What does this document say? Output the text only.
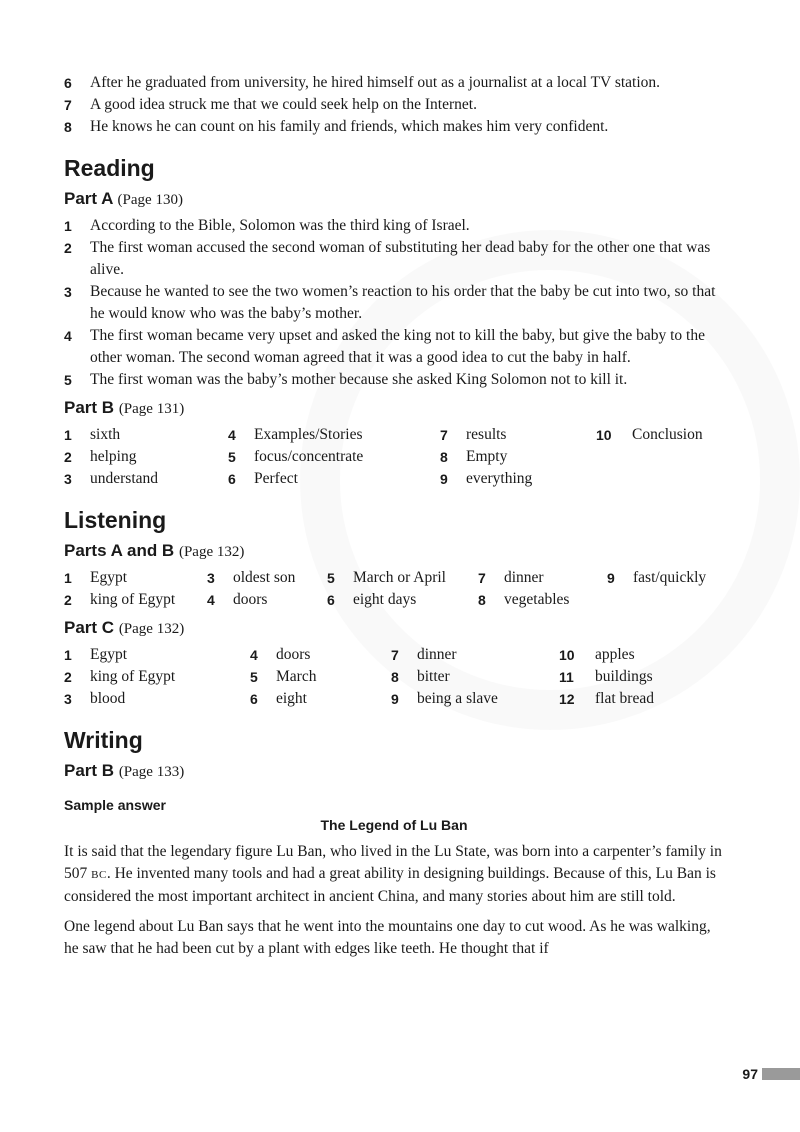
6	After he graduated from university, he hired himself out as a journalist at a local TV station.
7	A good idea struck me that we could seek help on the Internet.
8	He knows he can count on his family and friends, which makes him very confident.
Reading
Part A (Page 130)
1	According to the Bible, Solomon was the third king of Israel.
2	The first woman accused the second woman of substituting her dead baby for the other one that was alive.
3	Because he wanted to see the two women’s reaction to his order that the baby be cut into two, so that he would know who was the baby’s mother.
4	The first woman became very upset and asked the king not to kill the baby, but give the baby to the other woman. The second woman agreed that it was a good idea to cut the baby in half.
5	The first woman was the baby’s mother because she asked King Solomon not to kill it.
Part B (Page 131)
1	sixth	4	Examples/Stories	7	results	10	Conclusion
2	helping	5	focus/concentrate	8	Empty
3	understand	6	Perfect	9	everything
Listening
Parts A and B (Page 132)
1	Egypt	3	oldest son 5	March or April 7	dinner	9	fast/quickly
2	king of Egypt 4	doors	6	eight days	8	vegetables
Part C (Page 132)
1	Egypt	4	doors	7	dinner	10	apples
2	king of Egypt	5	March	8	bitter	11	buildings
3	blood	6	eight	9	being a slave	12	flat bread
Writing
Part B (Page 133)
Sample answer
The Legend of Lu Ban

It is said that the legendary figure Lu Ban, who lived in the Lu State, was born into a carpenter’s family in 507 BC. He invented many tools and had a great ability in designing buildings. Because of this, Lu Ban is considered the most important architect in ancient China, and many stories about him are still told.

One legend about Lu Ban says that he went into the mountains one day to cut wood. As he was walking, he saw that he had been cut by a plant with edges like teeth. He thought that if

97
